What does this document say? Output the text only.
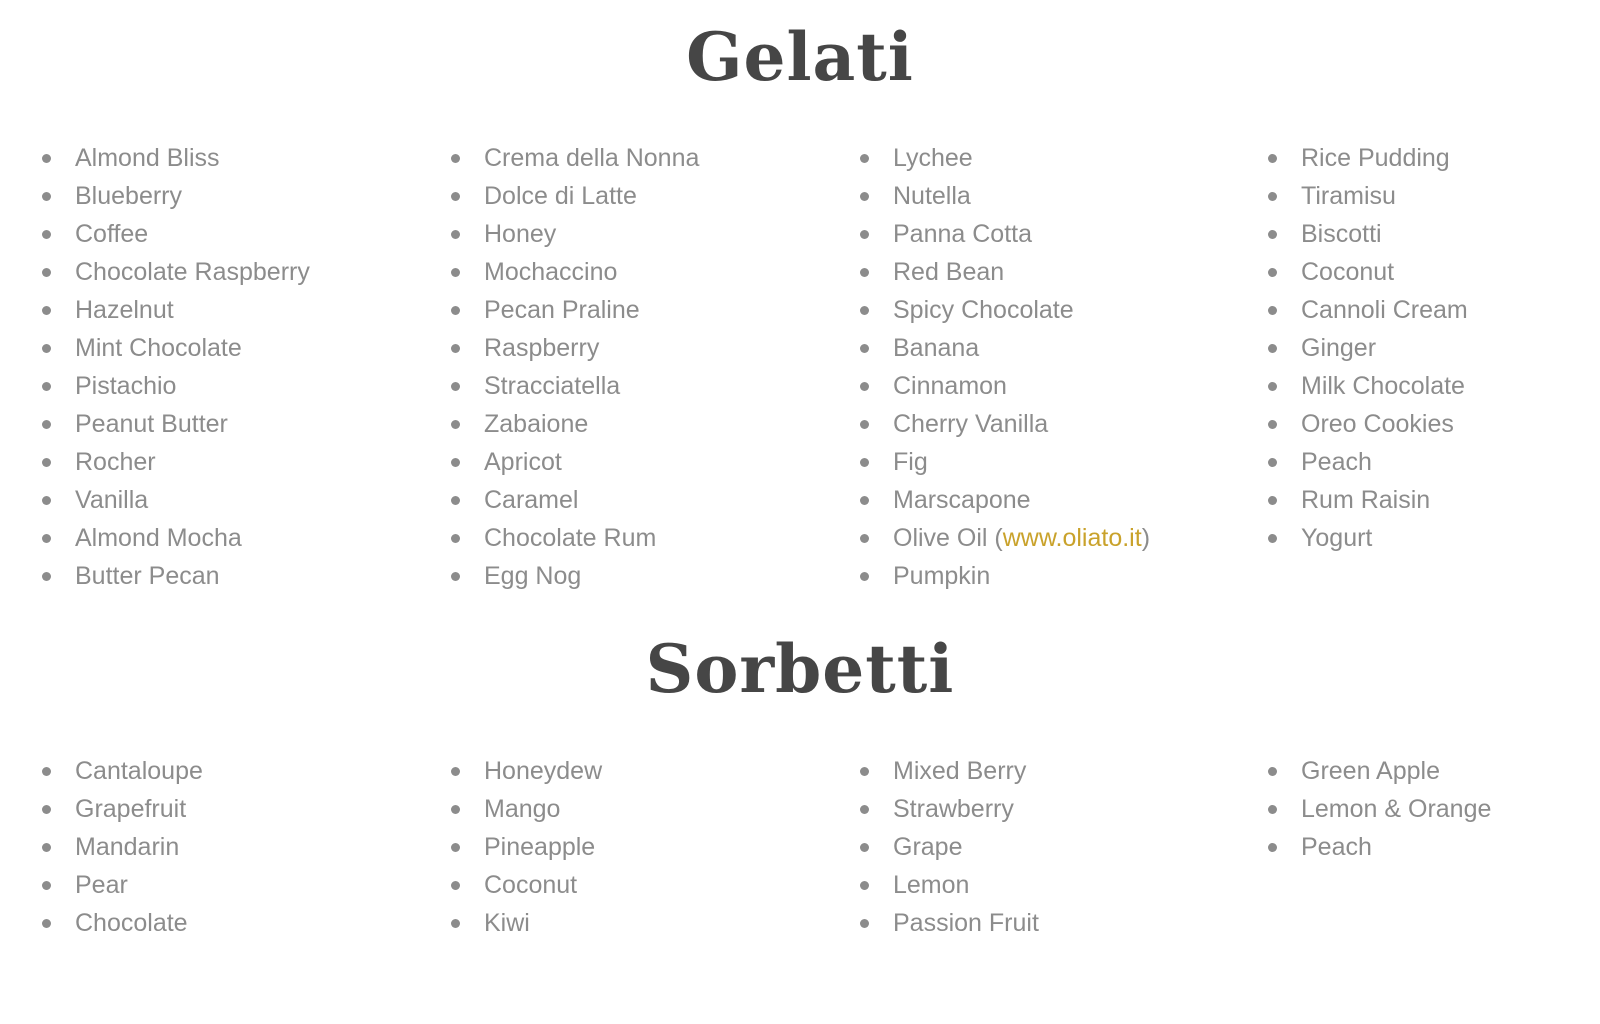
Gelati
Almond Bliss
Blueberry
Coffee
Chocolate Raspberry
Hazelnut
Mint Chocolate
Pistachio
Peanut Butter
Rocher
Vanilla
Almond Mocha
Butter Pecan
Crema della Nonna
Dolce di Latte
Honey
Mochaccino
Pecan Praline
Raspberry
Stracciatella
Zabaione
Apricot
Caramel
Chocolate Rum
Egg Nog
Lychee
Nutella
Panna Cotta
Red Bean
Spicy Chocolate
Banana
Cinnamon
Cherry Vanilla
Fig
Marscapone
Olive Oil (www.oliato.it)
Pumpkin
Rice Pudding
Tiramisu
Biscotti
Coconut
Cannoli Cream
Ginger
Milk Chocolate
Oreo Cookies
Peach
Rum Raisin
Yogurt
Sorbetti
Cantaloupe
Grapefruit
Mandarin
Pear
Chocolate
Honeydew
Mango
Pineapple
Coconut
Kiwi
Mixed Berry
Strawberry
Grape
Lemon
Passion Fruit
Green Apple
Lemon & Orange
Peach
